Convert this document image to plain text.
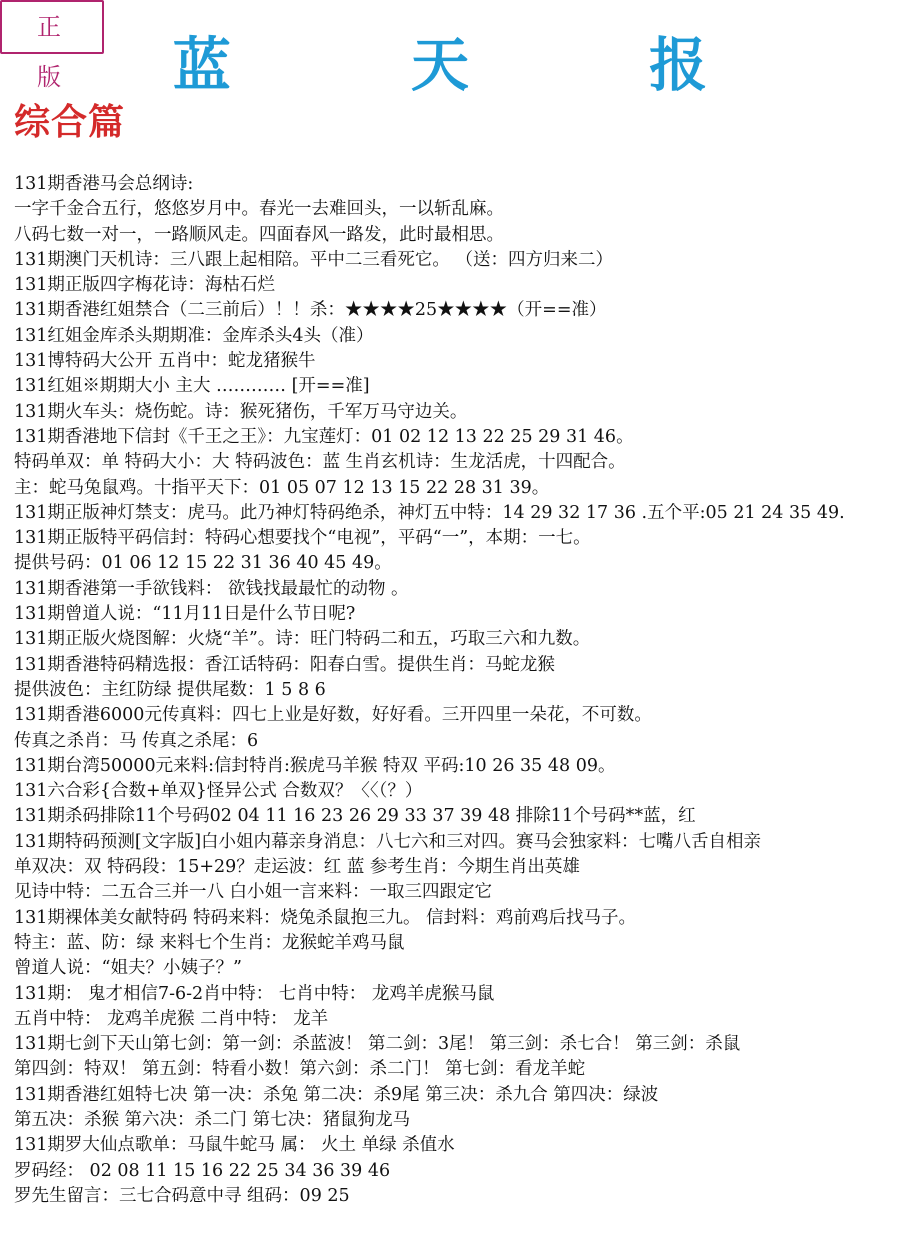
正 版	蓝 天 报
综合篇
131期香港马会总纲诗:
一字千金合五行，悠悠岁月中。春光一去难回头，一以斩乱麻。
八码七数一对一，一路顺风走。四面春风一路发，此时最相思。
131期澳门天机诗：三八跟上起相陪。平中二三看死它。 （送：四方归来二）
131期正版四字梅花诗：海枯石烂
131期香港红姐禁合（二三前后）！！杀：★★★★25★★★★（开==准）
131红姐金库杀头期期准：金库杀头4头（准）
131博特码大公开 五肖中：蛇龙猪猴牛
131红姐※期期大小 主大 ………… [开==准]
131期火车头：烧伤蛇。诗：猴死猪伤，千军万马守边关。
131期香港地下信封《千王之王》：九宝莲灯：01 02 12 13 22 25 29 31 46。
特码单双：单 特码大小：大 特码波色：蓝 生肖玄机诗：生龙活虎，十四配合。
主：蛇马兔鼠鸡。十指平天下：01 05 07 12 13 15 22 28 31 39。
131期正版神灯禁支：虎马。此乃神灯特码绝杀，神灯五中特：14 29 32 17 36 .五个平:05 21 24 35 49.
131期正版特平码信封：特码心想要找个“电视”，平码“一”，本期：一七。
提供号码：01 06 12 15 22 31 36 40 45 49。
131期香港第一手欲钱料： 欲钱找最最忙的动物 。
131期曾道人说：“11月11日是什么节日呢?
131期正版火烧图解：火烧“羊”。诗：旺门特码二和五，巧取三六和九数。
131期香港特码精选报：香江话特码：阳春白雪。提供生肖：马蛇龙猴
提供波色：主红防绿 提供尾数：1 5 8 6
131期香港6000元传真料：四七上业是好数，好好看。三开四里一朵花，不可数。
传真之杀肖：马 传真之杀尾：6
131期台湾50000元来料:信封特肖:猴虎马羊猴 特双 平码:10 26 35 48 09。
131六合彩{合数+单双}怪异公式 合数双？〈〈（？）
131期杀码排除11个号码02 04 11 16 23 26 29 33 37 39 48 排除11个号码**蓝，红
131期特码预测[文字版]白小姐内幕亲身消息：八七六和三对四。赛马会独家料：七嘴八舌自相亲
单双决：双 特码段：15+29？走运波：红 蓝 参考生肖：今期生肖出英雄
见诗中特：二五合三并一八 白小姐一言来料：一取三四跟定它
131期裸体美女献特码 特码来料：烧兔杀鼠抱三九。 信封料：鸡前鸡后找马子。
特主：蓝、防：绿 来料七个生肖：龙猴蛇羊鸡马鼠
曾道人说：“姐夫？小姨子？”
131期： 鬼才相信7-6-2肖中特： 七肖中特： 龙鸡羊虎猴马鼠
五肖中特： 龙鸡羊虎猴 二肖中特： 龙羊
131期七剑下天山第七剑：第一剑：杀蓝波！ 第二剑：3尾！ 第三剑：杀七合！ 第三剑：杀鼠
第四剑：特双！ 第五剑：特看小数！第六剑：杀二门！ 第七剑：看龙羊蛇
131期香港红姐特七决 第一决：杀兔 第二决：杀9尾 第三决：杀九合 第四决：绿波
第五决：杀猴 第六决：杀二门 第七决：猪鼠狗龙马
131期罗大仙点歌单：马鼠牛蛇马 属： 火土 单绿 杀值水
罗码经： 02 08 11 15 16 22 25 34 36 39 46
罗先生留言：三七合码意中寻 组码：09 25
